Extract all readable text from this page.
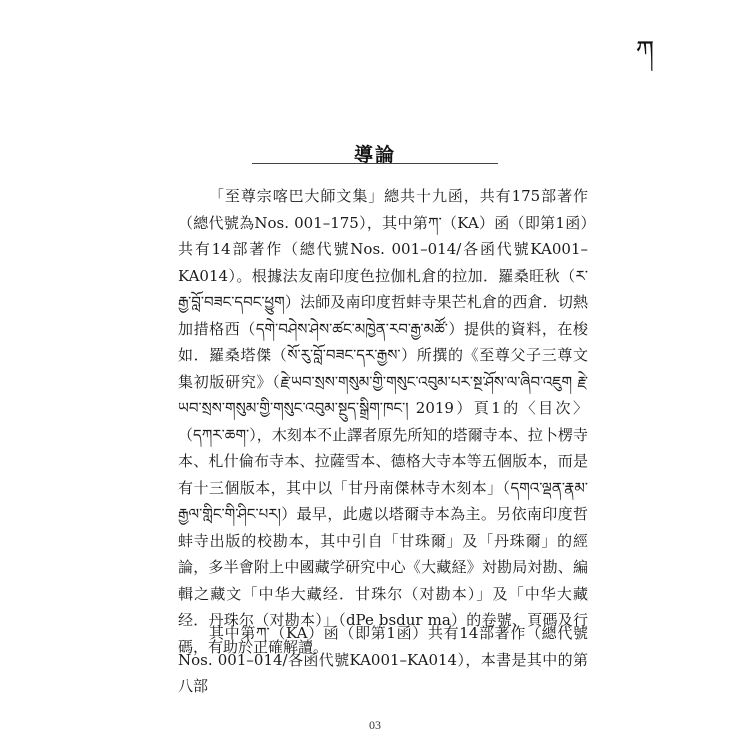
ཀ
導論

「至尊宗喀巴大師文集」總共十九函，共有175部著作（總代號為Nos. 001–175），其中第ཀ་（KA）函（即第1函）共有14部著作（總代號Nos. 001–014/各函代號KA001–KA014）。根據法友南印度色拉伽札倉的拉加．羅桑旺秋（ར་རྒྱ་བློ་བཟང་དབང་ཕྱུག）法師及南印度哲蚌寺果芒札倉的西倉．切熱加措格西（དགེ་བཤེས་ཤེས་ཚང་མཁྱེན་རབ་རྒྱ་མཚོ་）提供的資料，在梭如．羅桑塔傑（སོ་རུ་བློ་བཟང་དར་རྒྱས་）所撰的《至尊父子三尊文集初版研究》（རྗེ་ཡབ་སྲས་གསུམ་གྱི་གསུང་འབུམ་པར་སྔ་ཤོས་ལ་ཞིབ་འཇུག རྗེ་ཡབ་སྲས་གསུམ་གྱི་གསུང་འབུམ་སྔུད་སྒྲིག་ཁང་། 2019）頁1的〈目次〉（དཀར་ཆག་），木刻本不止譯者原先所知的塔爾寺本、拉卜楞寺本、札什倫布寺本、拉薩雪本、德格大寺本等五個版本，而是有十三個版本，其中以「甘丹南傑林寺木刻本」（དགའ་ལྡན་རྣམ་རྒྱལ་གླིང་གི་ཤིང་པར།）最早，此處以塔爾寺本為主。另依南印度哲蚌寺出版的校勘本，其中引自「甘珠爾」及「丹珠爾」的經論，多半會附上中國藏学研究中心《大藏経》対勘局対勘、編輯之藏文「中华大藏经．甘珠尔（对勘本）」及「中华大藏经．丹珠尔（对勘本）」（dPe bsdur ma）的卷號、頁碼及行碼，有助於正確解讀。

其中第ཀ་（KA）函（即第1函）共有14部著作（總代號Nos. 001–014/各函代號KA001–KA014），本書是其中的第八部

03
